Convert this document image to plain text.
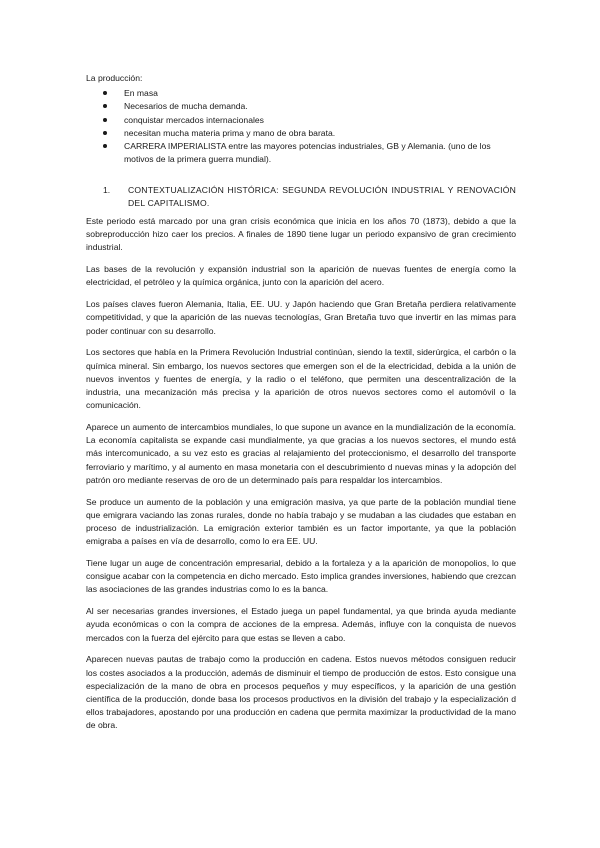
La producción:
En masa
Necesarios de mucha demanda.
conquistar mercados internacionales
necesitan mucha materia prima y mano de obra barata.
CARRERA IMPERIALISTA entre las mayores potencias industriales, GB y Alemania. (uno de los motivos de la primera guerra mundial).
1.	CONTEXTUALIZACIÓN HISTÓRICA: SEGUNDA REVOLUCIÓN INDUSTRIAL Y RENOVACIÓN DEL CAPITALISMO.

Este periodo está marcado por una gran crisis económica que inicia en los años 70 (1873), debido a que la sobreproducción hizo caer los precios. A finales de 1890 tiene lugar un periodo expansivo de gran crecimiento industrial.

Las bases de la revolución y expansión industrial son la aparición de nuevas fuentes de energía como la electricidad, el petróleo y la química orgánica, junto con la aparición del acero.

Los países claves fueron Alemania, Italia, EE. UU. y Japón haciendo que Gran Bretaña perdiera relativamente competitividad, y que la aparición de las nuevas tecnologías, Gran Bretaña tuvo que invertir en las mimas para poder continuar con su desarrollo.

Los sectores que había en la Primera Revolución Industrial continúan, siendo la textil, siderúrgica, el carbón o la química mineral. Sin embargo, los nuevos sectores que emergen son el de la electricidad, debida a la unión de nuevos inventos y fuentes de energía, y la radio o el teléfono, que permiten una descentralización de la industria, una mecanización más precisa y la aparición de otros nuevos sectores como el automóvil o la comunicación.

Aparece un aumento de intercambios mundiales, lo que supone un avance en la mundialización de la economía. La economía capitalista se expande casi mundialmente, ya que gracias a los nuevos sectores, el mundo está más intercomunicado, a su vez esto es gracias al relajamiento del proteccionismo, el desarrollo del transporte ferroviario y marítimo, y al aumento en masa monetaria con el descubrimiento d nuevas minas y la adopción del patrón oro mediante reservas de oro de un determinado país para respaldar los intercambios.

Se produce un aumento de la población y una emigración masiva, ya que parte de la población mundial tiene que emigrara vaciando las zonas rurales, donde no había trabajo y se mudaban a las ciudades que estaban en proceso de industrialización. La emigración exterior también es un factor importante, ya que la población emigraba a países en vía de desarrollo, como lo era EE. UU.

Tiene lugar un auge de concentración empresarial, debido a la fortaleza y a la aparición de monopolios, lo que consigue acabar con la competencia en dicho mercado. Esto implica grandes inversiones, habiendo que crezcan las asociaciones de las grandes industrias como lo es la banca.

Al ser necesarias grandes inversiones, el Estado juega un papel fundamental, ya que brinda ayuda mediante ayuda económicas o con la compra de acciones de la empresa. Además, influye con la conquista de nuevos mercados con la fuerza del ejército para que estas se lleven a cabo.

Aparecen nuevas pautas de trabajo como la producción en cadena. Estos nuevos métodos consiguen reducir los costes asociados a la producción, además de disminuir el tiempo de producción de estos. Esto consigue una especialización de la mano de obra en procesos pequeños y muy específicos, y la aparición de una gestión científica de la producción, donde basa los procesos productivos en la división del trabajo y la especialización d ellos trabajadores, apostando por una producción en cadena que permita maximizar la productividad de la mano de obra.
